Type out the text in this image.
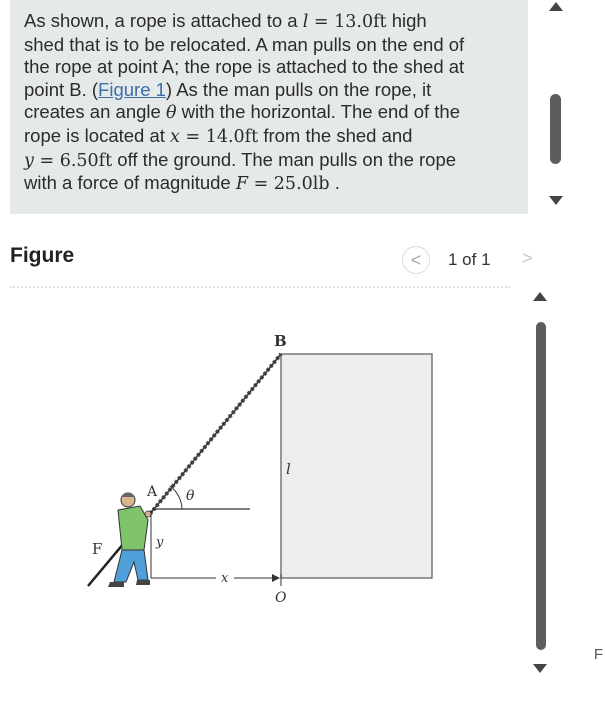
As shown, a rope is attached to a l = 13.0ft high
shed that is to be relocated. A man pulls on the end of
the rope at point A; the rope is attached to the shed at
point B. (Figure 1) As the man pulls on the rope, it
creates an angle θ with the horizontal. The end of the
rope is located at x = 14.0ft from the shed and
y = 6.50ft off the ground. The man pulls on the rope
with a force of magnitude F = 25.0lb .
Figure	<	1 of 1 >
B
A θ
l
F	y
x
O
F
